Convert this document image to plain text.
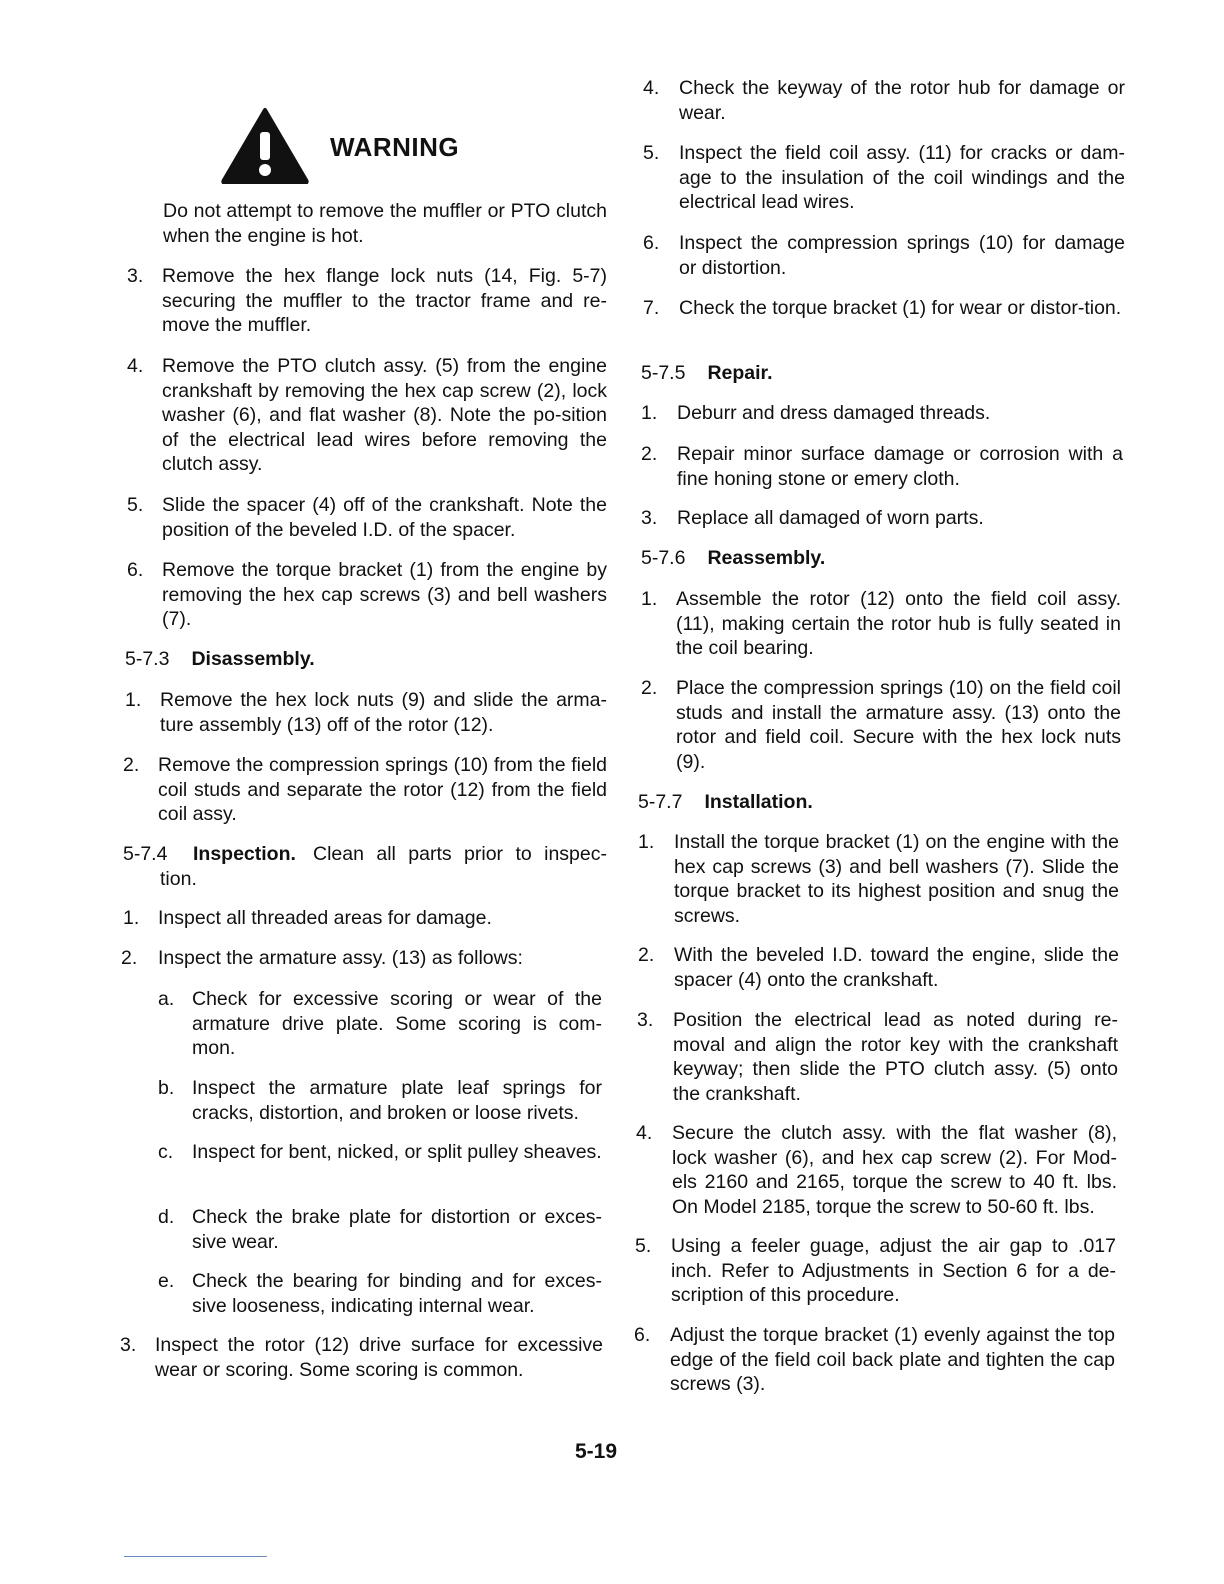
WARNING
Do not attempt to remove the muffler or PTO clutch when the engine is hot.
3. Remove the hex flange lock nuts (14, Fig. 5-7) securing the muffler to the tractor frame and re-move the muffler.
4. Remove the PTO clutch assy. (5) from the engine crankshaft by removing the hex cap screw (2), lock washer (6), and flat washer (8). Note the po-sition of the electrical lead wires before removing the clutch assy.
5. Slide the spacer (4) off of the crankshaft. Note the position of the beveled I.D. of the spacer.
6. Remove the torque bracket (1) from the engine by removing the hex cap screws (3) and bell washers (7).
5-7.3 Disassembly.
1. Remove the hex lock nuts (9) and slide the arma-ture assembly (13) off of the rotor (12).
2. Remove the compression springs (10) from the field coil studs and separate the rotor (12) from the field coil assy.
5-7.4 Inspection. Clean all parts prior to inspec-tion.
1. Inspect all threaded areas for damage.
2. Inspect the armature assy. (13) as follows:
a. Check for excessive scoring or wear of the armature drive plate. Some scoring is com-mon.
b. Inspect the armature plate leaf springs for cracks, distortion, and broken or loose rivets.
c. Inspect for bent, nicked, or split pulley sheaves.
d. Check the brake plate for distortion or exces-sive wear.
e. Check the bearing for binding and for exces-sive looseness, indicating internal wear.
3. Inspect the rotor (12) drive surface for excessive wear or scoring. Some scoring is common.
4. Check the keyway of the rotor hub for damage or wear.
5. Inspect the field coil assy. (11) for cracks or dam-age to the insulation of the coil windings and the electrical lead wires.
6. Inspect the compression springs (10) for damage or distortion.
7. Check the torque bracket (1) for wear or distor-tion.
5-7.5 Repair.
1. Deburr and dress damaged threads.
2. Repair minor surface damage or corrosion with a fine honing stone or emery cloth.
3. Replace all damaged of worn parts.
5-7.6 Reassembly.
1. Assemble the rotor (12) onto the field coil assy. (11), making certain the rotor hub is fully seated in the coil bearing.
2. Place the compression springs (10) on the field coil studs and install the armature assy. (13) onto the rotor and field coil. Secure with the hex lock nuts (9).
5-7.7 Installation.
1. Install the torque bracket (1) on the engine with the hex cap screws (3) and bell washers (7). Slide the torque bracket to its highest position and snug the screws.
2. With the beveled I.D. toward the engine, slide the spacer (4) onto the crankshaft.
3. Position the electrical lead as noted during re-moval and align the rotor key with the crankshaft keyway; then slide the PTO clutch assy. (5) onto the crankshaft.
4. Secure the clutch assy. with the flat washer (8), lock washer (6), and hex cap screw (2). For Mod-els 2160 and 2165, torque the screw to 40 ft. lbs. On Model 2185, torque the screw to 50-60 ft. lbs.
5. Using a feeler guage, adjust the air gap to .017 inch. Refer to Adjustments in Section 6 for a de-scription of this procedure.
6. Adjust the torque bracket (1) evenly against the top edge of the field coil back plate and tighten the cap screws (3).
5-19
